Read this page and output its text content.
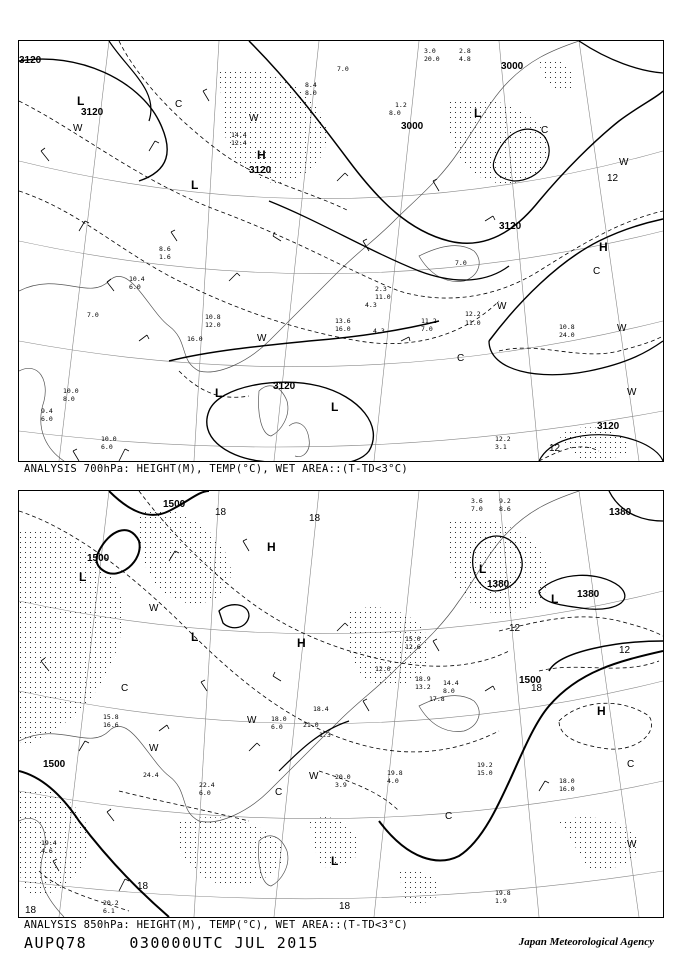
3120
3120
3120
3000
3000
3120
3120
3120
L
H
L
H
L
L
L	12
12
C
W
W
W
C
C
W
C
W
W
W
2.8
4.8
3.0
20.0
1.2
8.0
7.0
4.3
2.3
11.0
4.3
11.2
7.0
13.6
16.0	10.8
24.0
12.2
11.0
12.2
3.1
10.4
6.0
9.4
6.0
10.0
8.0
10.0
6.0
8.6
1.6
7.0
16.0
10.8
12.0
14.4
12.4
8.4
8.0
7.0
ANALYSIS 700hPa: HEIGHT(M), TEMP(°C), WET AREA::(T-TD<3°C)
1500
1500
1500
1500
1380
1380
1380
L
H
L
L
H
L
H
L
18
18
18
18
12
12
18
18
C
W
W
W
C
C
C
W
W
3.6
7.0
9.2
8.6
19.8
4.0
20.0
3.9
19.2
15.0
18.0
16.0
19.8
1.9
20.2
6.1
15.8
16.6
22.4
6.0
24.4
1.3
19.4
4.6
18.9
13.2
17.8
12.0
14.4
8.0
15.0
12.6
18.0
6.0	21.0
18.4
ANALYSIS 850hPa: HEIGHT(M), TEMP(°C), WET AREA::(T-TD<3°C)
AUPQ78	030000UTC JUL 2015	Japan Meteorological Agency
